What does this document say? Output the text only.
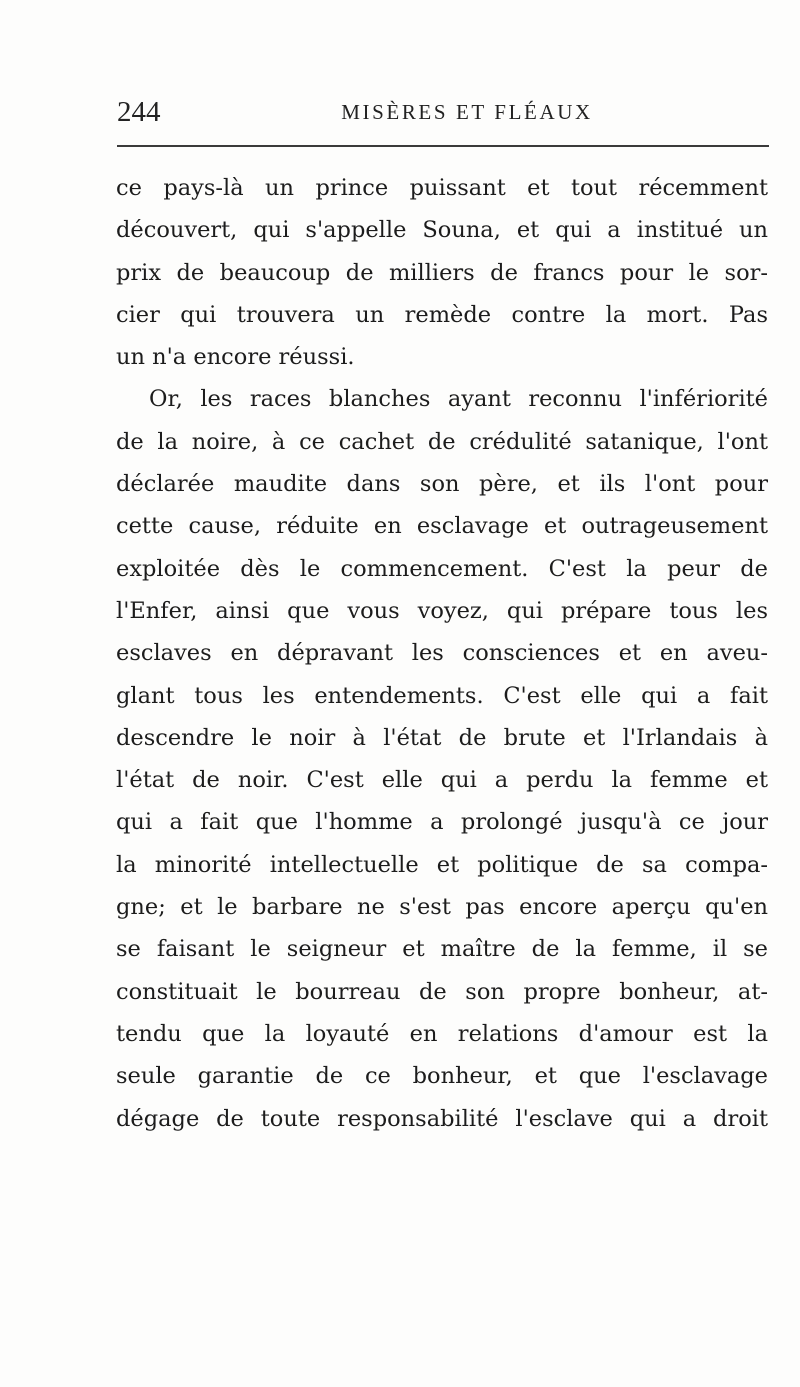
244	MISÈRES ET FLÉAUX
ce pays-là un prince puissant et tout récemment
découvert, qui s'appelle Souna, et qui a institué un
prix de beaucoup de milliers de francs pour le sor-
cier qui trouvera un remède contre la mort. Pas
un n'a encore réussi.
Or, les races blanches ayant reconnu l'infériorité
de la noire, à ce cachet de crédulité satanique, l'ont
déclarée maudite dans son père, et ils l'ont pour
cette cause, réduite en esclavage et outrageusement
exploitée dès le commencement. C'est la peur de
l'Enfer, ainsi que vous voyez, qui prépare tous les
esclaves en dépravant les consciences et en aveu-
glant tous les entendements. C'est elle qui a fait
descendre le noir à l'état de brute et l'Irlandais à
l'état de noir. C'est elle qui a perdu la femme et
qui a fait que l'homme a prolongé jusqu'à ce jour
la minorité intellectuelle et politique de sa compa-
gne; et le barbare ne s'est pas encore aperçu qu'en
se faisant le seigneur et maître de la femme, il se
constituait le bourreau de son propre bonheur, at-
tendu que la loyauté en relations d'amour est la
seule garantie de ce bonheur, et que l'esclavage
dégage de toute responsabilité l'esclave qui a droit
